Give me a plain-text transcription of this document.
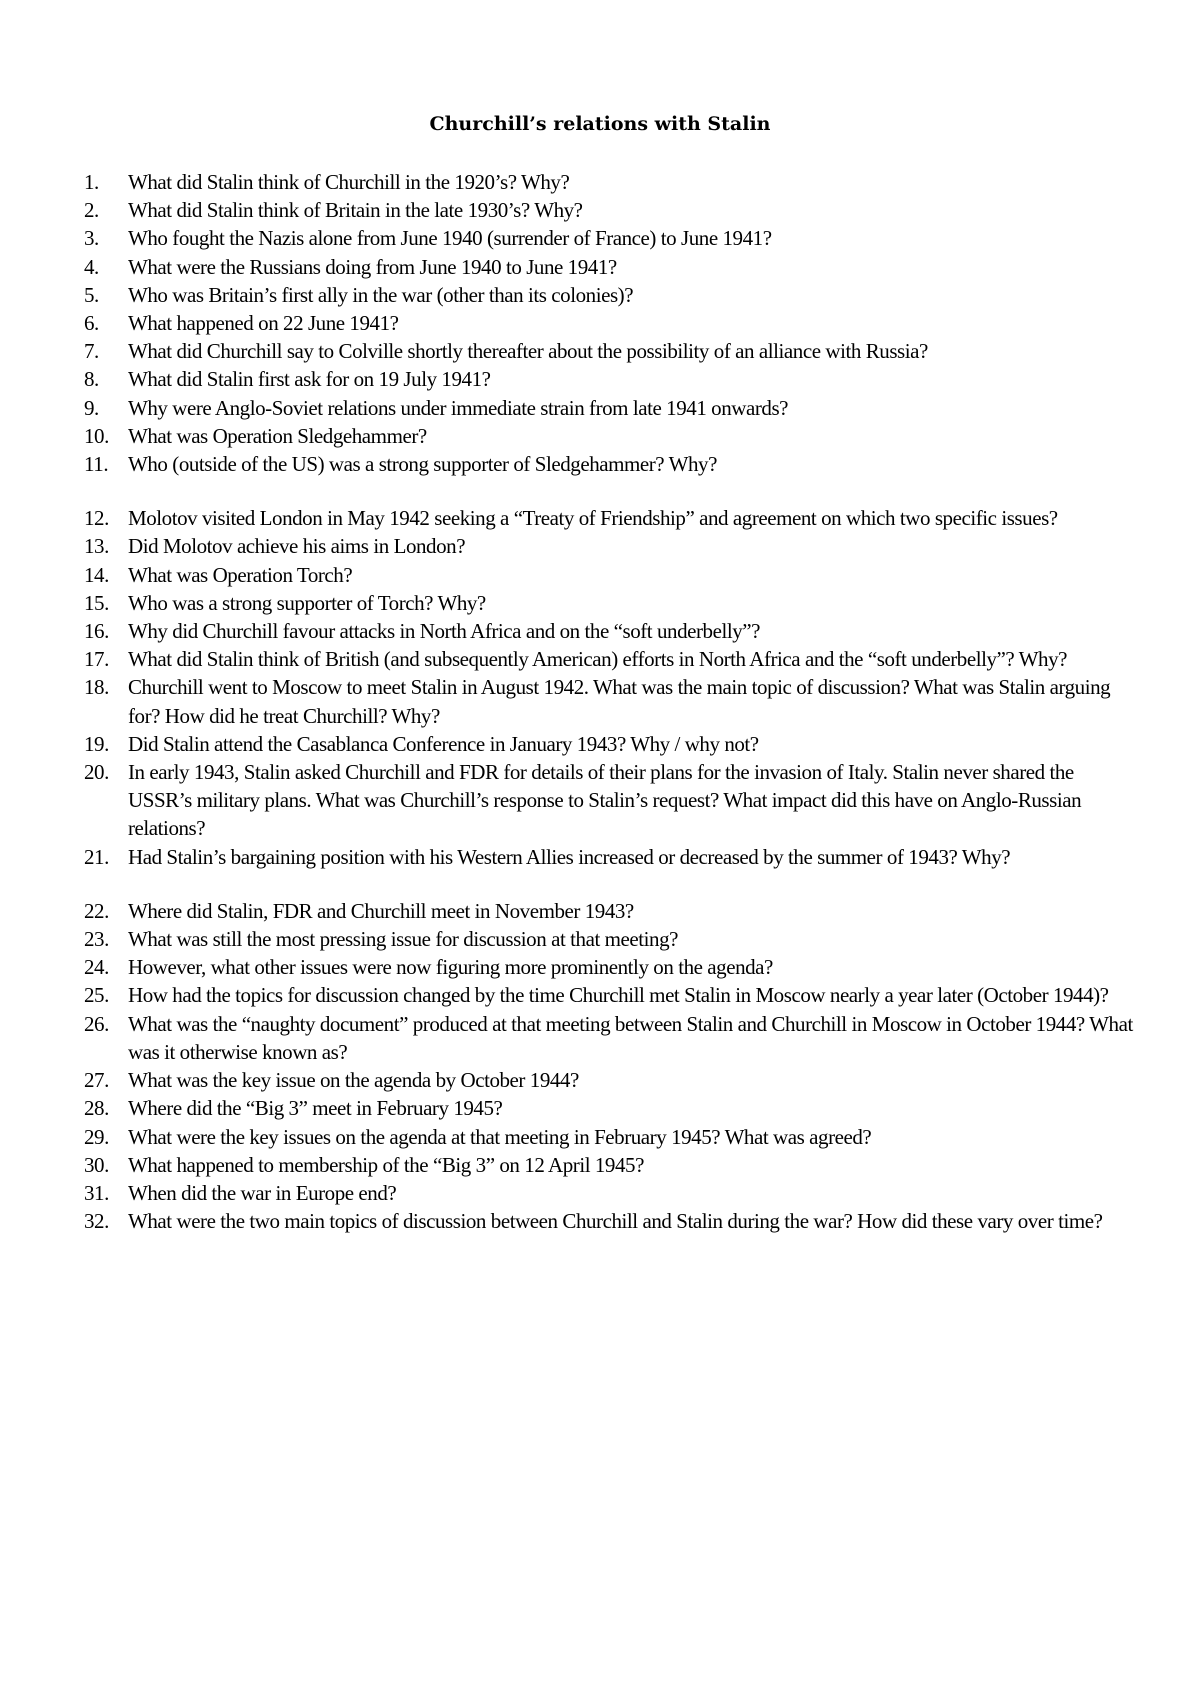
Churchill’s relations with Stalin
1.	What did Stalin think of Churchill in the 1920’s? Why?
2.	What did Stalin think of Britain in the late 1930’s? Why?
3.	Who fought the Nazis alone from June 1940 (surrender of France) to June 1941?
4.	What were the Russians doing from June 1940 to June 1941?
5.	Who was Britain’s first ally in the war (other than its colonies)?
6.	What happened on 22 June 1941?
7.	What did Churchill say to Colville shortly thereafter about the possibility of an alliance with Russia?
8.	What did Stalin first ask for on 19 July 1941?
9.	Why were Anglo-Soviet relations under immediate strain from late 1941 onwards?
10. What was Operation Sledgehammer?
11. Who (outside of the US) was a strong supporter of Sledgehammer? Why?
12. Molotov visited London in May 1942 seeking a “Treaty of Friendship” and agreement on which two specific issues?
13. Did Molotov achieve his aims in London?
14. What was Operation Torch?
15. Who was a strong supporter of Torch? Why?
16. Why did Churchill favour attacks in North Africa and on the “soft underbelly”?
17. What did Stalin think of British (and subsequently American) efforts in North Africa and the “soft underbelly”? Why?
18. Churchill went to Moscow to meet Stalin in August 1942. What was the main topic of discussion? What was Stalin arguing for? How did he treat Churchill? Why?
19. Did Stalin attend the Casablanca Conference in January 1943? Why / why not?
20. In early 1943, Stalin asked Churchill and FDR for details of their plans for the invasion of Italy. Stalin never shared the USSR’s military plans. What was Churchill’s response to Stalin’s request? What impact did this have on Anglo-Russian relations?
21. Had Stalin’s bargaining position with his Western Allies increased or decreased by the summer of 1943? Why?
22. Where did Stalin, FDR and Churchill meet in November 1943?
23. What was still the most pressing issue for discussion at that meeting?
24. However, what other issues were now figuring more prominently on the agenda?
25. How had the topics for discussion changed by the time Churchill met Stalin in Moscow nearly a year later (October 1944)?
26. What was the “naughty document” produced at that meeting between Stalin and Churchill in Moscow in October 1944? What was it otherwise known as?
27. What was the key issue on the agenda by October 1944?
28. Where did the “Big 3” meet in February 1945?
29. What were the key issues on the agenda at that meeting in February 1945? What was agreed?
30. What happened to membership of the “Big 3” on 12 April 1945?
31. When did the war in Europe end?
32. What were the two main topics of discussion between Churchill and Stalin during the war? How did these vary over time?
